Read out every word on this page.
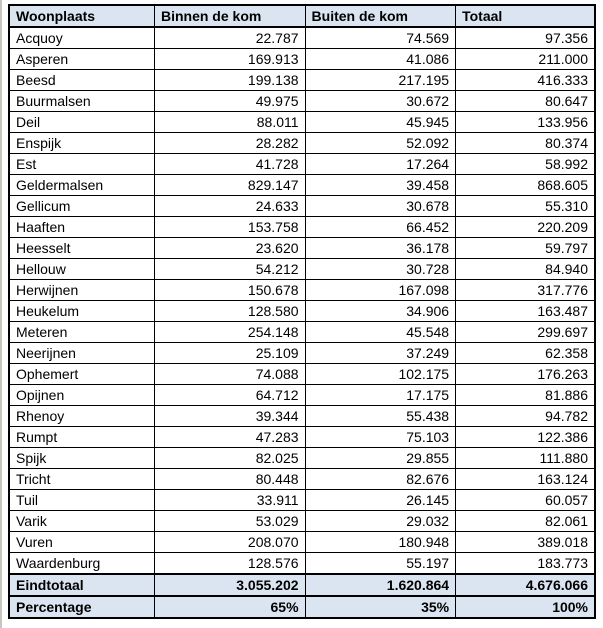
Woonplaats	Binnen de kom	Buiten de kom	Totaal
Acquoy	22.787	74.569	97.356
Asperen	169.913	41.086	211.000
Beesd	199.138	217.195	416.333
Buurmalsen	49.975	30.672	80.647
Deil	88.011	45.945	133.956
Enspijk	28.282	52.092	80.374
Est	41.728	17.264	58.992
Geldermalsen	829.147	39.458	868.605
Gellicum	24.633	30.678	55.310
Haaften	153.758	66.452	220.209
Heesselt	23.620	36.178	59.797
Hellouw	54.212	30.728	84.940
Herwijnen	150.678	167.098	317.776
Heukelum	128.580	34.906	163.487
Meteren	254.148	45.548	299.697
Neerijnen	25.109	37.249	62.358
Ophemert	74.088	102.175	176.263
Opijnen	64.712	17.175	81.886
Rhenoy	39.344	55.438	94.782
Rumpt	47.283	75.103	122.386
Spijk	82.025	29.855	111.880
Tricht	80.448	82.676	163.124
Tuil	33.911	26.145	60.057
Varik	53.029	29.032	82.061
Vuren	208.070	180.948	389.018
Waardenburg	128.576	55.197	183.773
Eindtotaal	3.055.202	1.620.864	4.676.066
Percentage	65%	35%	100%
